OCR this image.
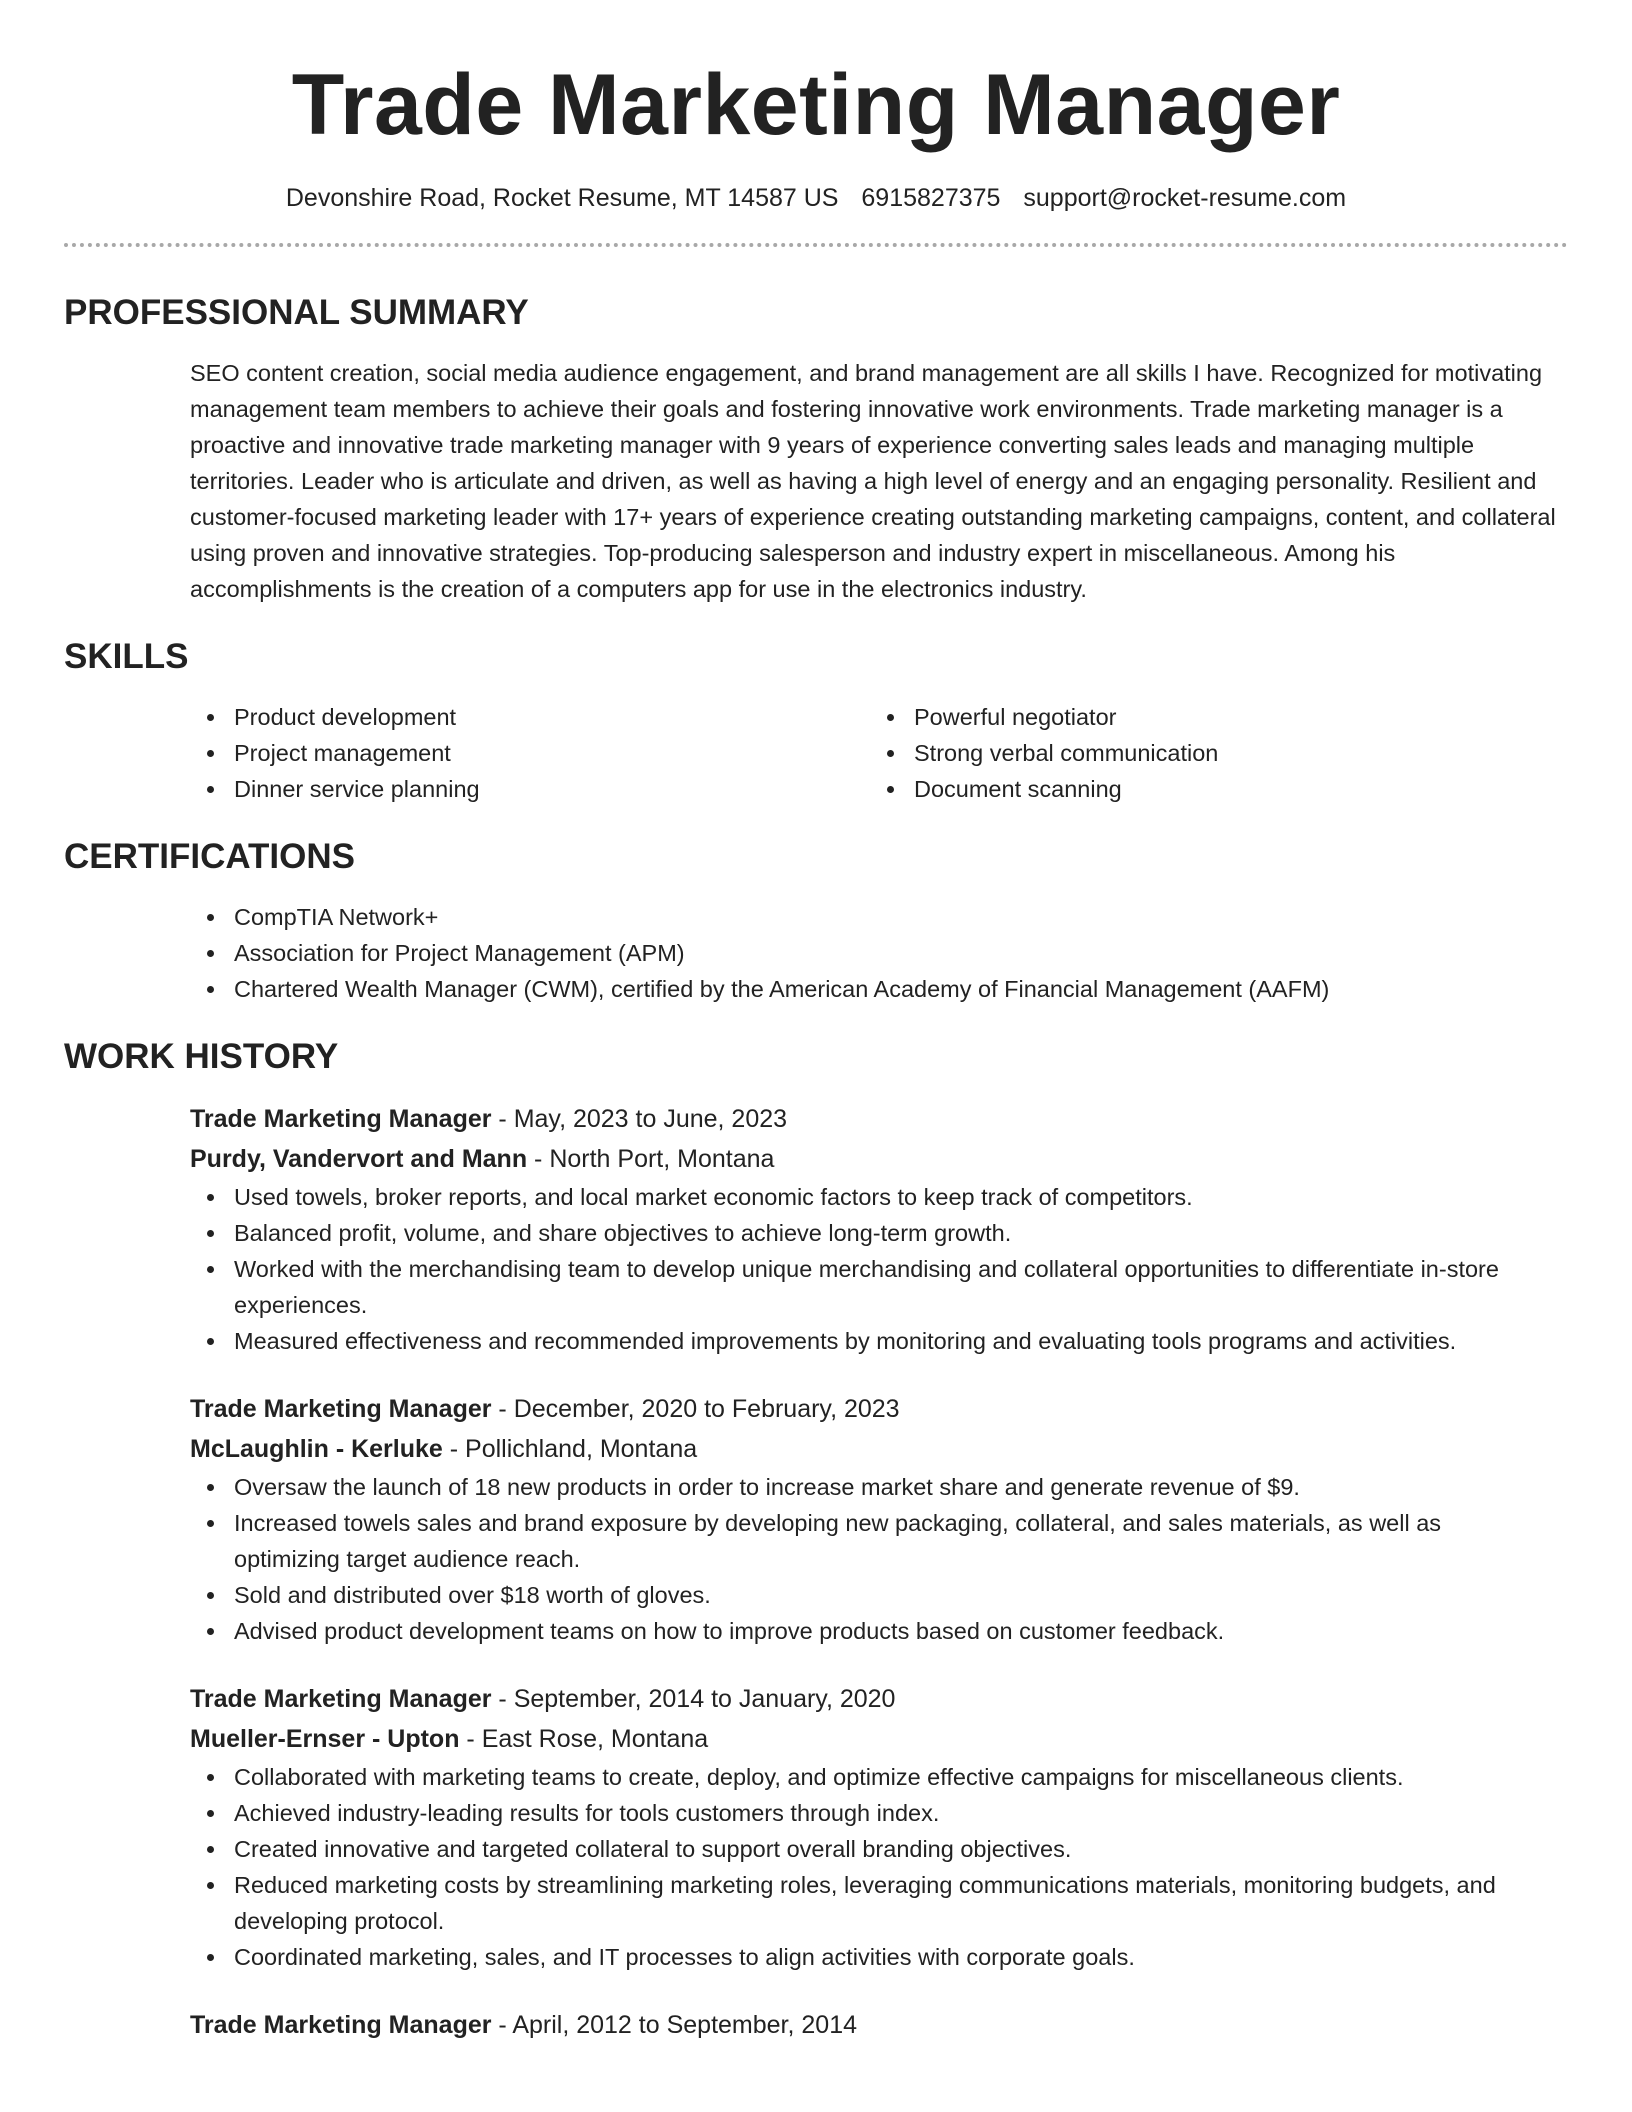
Trade Marketing Manager
Devonshire Road, Rocket Resume, MT 14587 US 6915827375 support@rocket-resume.com
PROFESSIONAL SUMMARY

SEO content creation, social media audience engagement, and brand management are all skills I have. Recognized for motivating management team members to achieve their goals and fostering innovative work environments. Trade marketing manager is a proactive and innovative trade marketing manager with 9 years of experience converting sales leads and managing multiple territories. Leader who is articulate and driven, as well as having a high level of energy and an engaging personality. Resilient and customer-focused marketing leader with 17+ years of experience creating outstanding marketing campaigns, content, and collateral using proven and innovative strategies. Top-producing salesperson and industry expert in miscellaneous. Among his accomplishments is the creation of a computers app for use in the electronics industry.

SKILLS
Product development
Project management
Dinner service planning
Powerful negotiator
Strong verbal communication
Document scanning
CERTIFICATIONS
CompTIA Network+
Association for Project Management (APM)
Chartered Wealth Manager (CWM), certified by the American Academy of Financial Management (AAFM)
WORK HISTORY
Trade Marketing Manager - May, 2023 to June, 2023
Purdy, Vandervort and Mann - North Port, Montana
Used towels, broker reports, and local market economic factors to keep track of competitors.
Balanced profit, volume, and share objectives to achieve long-term growth.
Worked with the merchandising team to develop unique merchandising and collateral opportunities to differentiate in-store experiences.
Measured effectiveness and recommended improvements by monitoring and evaluating tools programs and activities.
Trade Marketing Manager - December, 2020 to February, 2023
McLaughlin - Kerluke - Pollichland, Montana
Oversaw the launch of 18 new products in order to increase market share and generate revenue of $9.
Increased towels sales and brand exposure by developing new packaging, collateral, and sales materials, as well as optimizing target audience reach.
Sold and distributed over $18 worth of gloves.
Advised product development teams on how to improve products based on customer feedback.
Trade Marketing Manager - September, 2014 to January, 2020
Mueller-Ernser - Upton - East Rose, Montana
Collaborated with marketing teams to create, deploy, and optimize effective campaigns for miscellaneous clients.
Achieved industry-leading results for tools customers through index.
Created innovative and targeted collateral to support overall branding objectives.
Reduced marketing costs by streamlining marketing roles, leveraging communications materials, monitoring budgets, and developing protocol.
Coordinated marketing, sales, and IT processes to align activities with corporate goals.
Trade Marketing Manager - April, 2012 to September, 2014
